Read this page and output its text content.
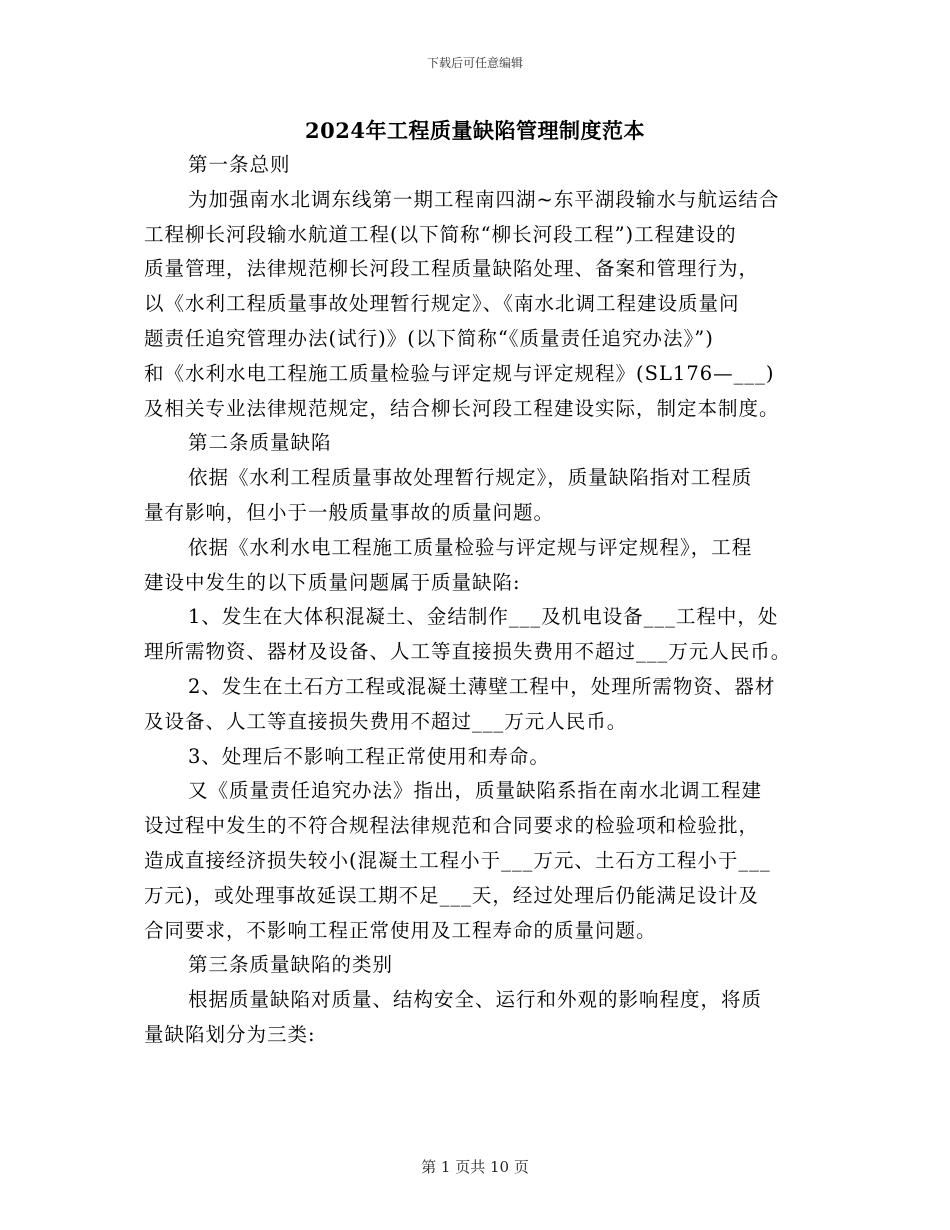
下载后可任意编辑
2024年工程质量缺陷管理制度范本
第一条总则
为加强南水北调东线第一期工程南四湖~东平湖段输水与航运结合
工程柳长河段输水航道工程(以下简称“柳长河段工程”)工程建设的
质量管理，法律规范柳长河段工程质量缺陷处理、备案和管理行为，
以《水利工程质量事故处理暂行规定》、《南水北调工程建设质量问
题责任追究管理办法(试行)》(以下简称“《质量责任追究办法》”)
和《水利水电工程施工质量检验与评定规与评定规程》(SL176—___)
及相关专业法律规范规定，结合柳长河段工程建设实际，制定本制度。
第二条质量缺陷
依据《水利工程质量事故处理暂行规定》，质量缺陷指对工程质
量有影响，但小于一般质量事故的质量问题。
依据《水利水电工程施工质量检验与评定规与评定规程》，工程
建设中发生的以下质量问题属于质量缺陷:
1、发生在大体积混凝土、金结制作___及机电设备___工程中，处
理所需物资、器材及设备、人工等直接损失费用不超过___万元人民币。
2、发生在土石方工程或混凝土薄壁工程中，处理所需物资、器材
及设备、人工等直接损失费用不超过___万元人民币。
3、处理后不影响工程正常使用和寿命。
又《质量责任追究办法》指出，质量缺陷系指在南水北调工程建
设过程中发生的不符合规程法律规范和合同要求的检验项和检验批，
造成直接经济损失较小(混凝土工程小于___万元、土石方工程小于___
万元)，或处理事故延误工期不足___天，经过处理后仍能满足设计及
合同要求，不影响工程正常使用及工程寿命的质量问题。
第三条质量缺陷的类别
根据质量缺陷对质量、结构安全、运行和外观的影响程度，将质
量缺陷划分为三类:
第 1 页共 10 页
